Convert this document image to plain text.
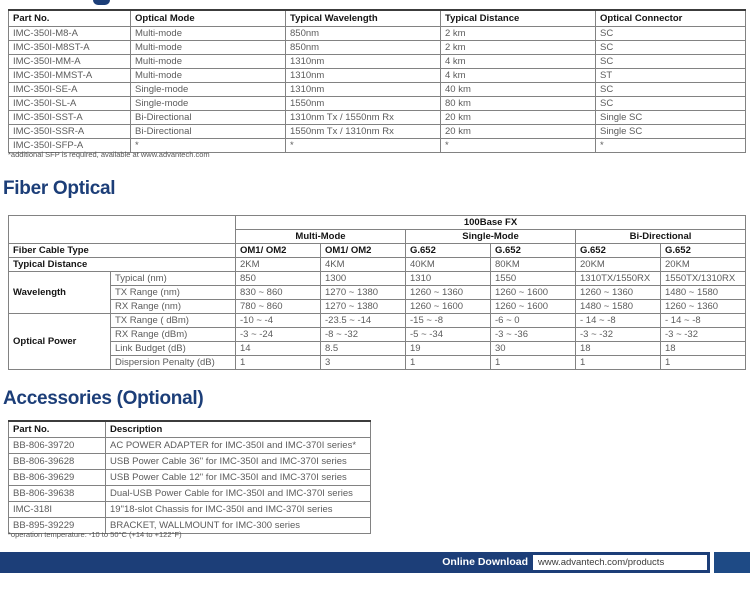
Part No.	Optical Mode	Typical Wavelength	Typical Distance	Optical Connector
IMC-350I-M8-A	Multi-mode	850nm	2 km	SC
IMC-350I-M8ST-A	Multi-mode	850nm	2 km	SC
IMC-350I-MM-A	Multi-mode	1310nm	4 km	SC
IMC-350I-MMST-A	Multi-mode	1310nm	4 km	ST
IMC-350I-SE-A	Single-mode	1310nm	40 km	SC
IMC-350I-SL-A	Single-mode	1550nm	80 km	SC
IMC-350I-SST-A	Bi-Directional	1310nm Tx / 1550nm Rx	20 km	Single SC
IMC-350I-SSR-A	Bi-Directional	1550nm Tx / 1310nm Rx	20 km	Single SC
IMC-350I-SFP-A	*	*	*	*
*additional SFP is required, available at www.advantech.com
Fiber Optical
		100Base FX					
		Multi-Mode		Single-Mode		Bi-Directional	
Fiber Cable Type		OM1/ OM2	OM1/ OM2	G.652	G.652	G.652	G.652
Typical Distance		2KM	4KM	40KM	80KM	20KM	20KM
Wavelength	Typical (nm)	850	1300	1310	1550	1310TX/1550RX	1550TX/1310RX
	TX Range (nm)	830 ~ 860	1270 ~ 1380	1260 ~ 1360	1260 ~ 1600	1260 ~ 1360	1480 ~ 1580
	RX Range (nm)	780 ~ 860	1270 ~ 1380	1260 ~ 1600	1260 ~ 1600	1480 ~ 1580	1260 ~ 1360
Optical Power	TX Range ( dBm)	-10 ~ -4	-23.5 ~ -14	-15 ~ -8	-6 ~ 0	- 14 ~ -8	- 14 ~ -8
	RX Range (dBm)	-3 ~ -24	-8 ~ -32	-5 ~ -34	-3 ~ -36	-3 ~ -32	-3 ~ -32
	Link Budget (dB)	14	8.5	19	30	18	18
	Dispersion Penalty (dB)	1	3	1	1	1	1
Accessories (Optional)
Part No.	Description
BB-806-39720	AC POWER ADAPTER for IMC-350I and IMC-370I series*
BB-806-39628	USB Power Cable 36" for IMC-350I and IMC-370I series
BB-806-39629	USB Power Cable 12" for IMC-350I and IMC-370I series
BB-806-39638	Dual-USB Power Cable for IMC-350I and IMC-370I series
IMC-318I	19"18-slot Chassis for IMC-350I and IMC-370I series
BB-895-39229	BRACKET, WALLMOUNT for IMC-300 series
*operation temperature: -10 to 50°C (+14 to +122°F)
Online Download	www.advantech.com/products
